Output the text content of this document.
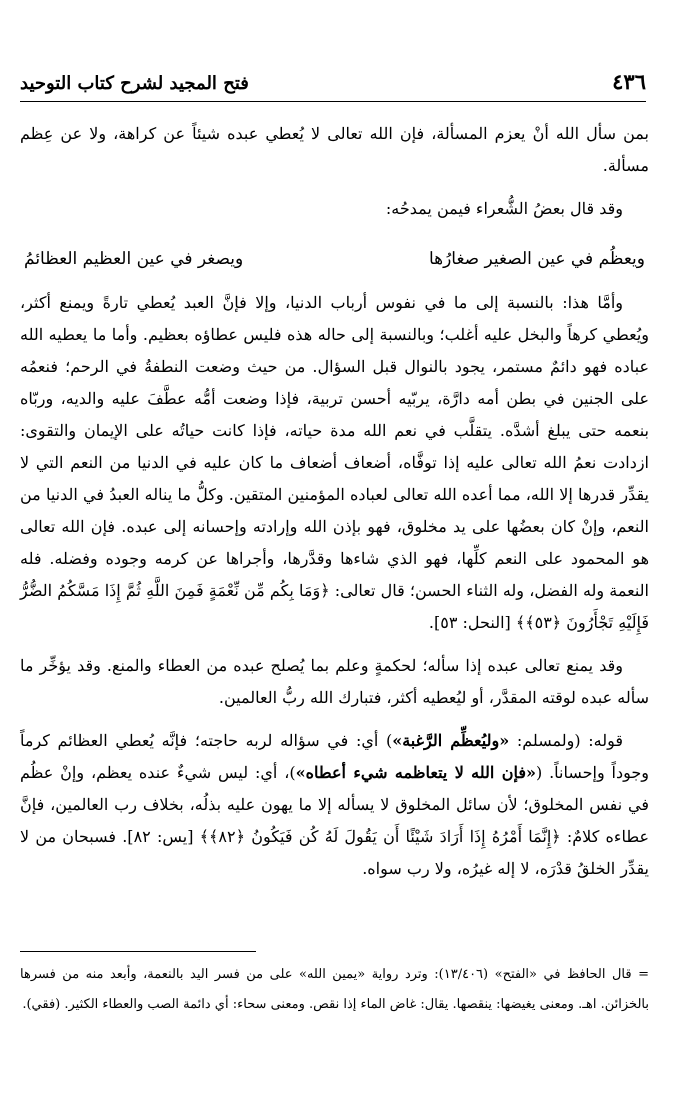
٤٣٦
فتح المجيد لشرح كتاب التوحيد

بمن سأل الله أنْ يعزم المسألة، فإن الله تعالى لا يُعطي عبده شيئاً عن كراهة، ولا عن عِظم مسألة.

وقد قال بعضُ الشُّعراء فيمن يمدحُه:

ويعظُم في عين الصغير صغارُها
ويصغر في عين العظيم العظائمُ

وأمَّا هذا: بالنسبة إلى ما في نفوس أرباب الدنيا، وإلا فإنَّ العبد يُعطي تارةً ويمنع أكثر، ويُعطي كرهاً والبخل عليه أغلب؛ وبالنسبة إلى حاله هذه فليس عطاؤه بعظيم. وأما ما يعطيه الله عباده فهو دائمٌ مستمر، يجود بالنوال قبل السؤال. من حيث وضعت النطفةُ في الرحم؛ فنعمُه على الجنين في بطن أمه دارَّة، يربّيه أحسن تربية، فإذا وضعت أمُّه عطَّفَ عليه والديه، وربّاه بنعمه حتى يبلغ أشدَّه. يتقلَّب في نعم الله مدة حياته، فإذا كانت حياتُه على الإيمان والتقوى: ازدادت نعمُ الله تعالى عليه إذا توفَّاه، أضعاف أضعاف ما كان عليه في الدنيا من النعم التي لا يقدِّر قدرها إلا الله، مما أعده الله تعالى لعباده المؤمنين المتقين. وكلُّ ما يناله العبدُ في الدنيا من النعم، وإنْ كان بعضُها على يد مخلوق، فهو بإذن الله وإرادته وإحسانه إلى عبده. فإن الله تعالى هو المحمود على النعم كلِّها، فهو الذي شاءها وقدَّرها، وأجراها عن كرمه وجوده وفضله. فله النعمة وله الفضل، وله الثناء الحسن؛ قال تعالى: ﴿وَمَا بِكُم مِّن نِّعْمَةٍ فَمِنَ اللَّهِ ثُمَّ إِذَا مَسَّكُمُ الضُّرُّ فَإِلَيْهِ تَجْأَرُونَ ﴿٥٣﴾﴾ [النحل: ٥٣].

وقد يمنع تعالى عبده إذا سأله؛ لحكمةٍ وعلم بما يُصلح عبده من العطاء والمنع. وقد يؤخِّر ما سأله عبده لوقته المقدَّر، أو ليُعطيه أكثر، فتبارك الله ربُّ العالمين.

قوله: (ولمسلم: «وليُعظِّم الرَّغبة») أي: في سؤاله لربه حاجته؛ فإنَّه يُعطي العظائم كرماً وجوداً وإحساناً. («فإن الله لا يتعاظمه شيء أعطاه»)، أي: ليس شيءٌ عنده يعظم، وإنْ عظُم في نفس المخلوق؛ لأن سائل المخلوق لا يسأله إلا ما يهون عليه بذلُه، بخلاف رب العالمين، فإنَّ عطاءه كلامٌ: ﴿إِنَّمَا أَمْرُهُ إِذَا أَرَادَ شَيْئًا أَن يَقُولَ لَهُ كُن فَيَكُونُ ﴿٨٢﴾﴾ [يس: ٨٢]. فسبحان من لا يقدِّر الخلقُ قدْرَه، لا إله غيرُه، ولا رب سواه.

= قال الحافظ في «الفتح» (١٣/٤٠٦): وترد رواية «يمين الله» على من فسر اليد بالنعمة، وأبعد منه من فسرها بالخزائن. اهـ. ومعنى يغيضها: ينقصها. يقال: غاض الماء إذا نقص. ومعنى سحاء: أي دائمة الصب والعطاء الكثير. (فقي).
